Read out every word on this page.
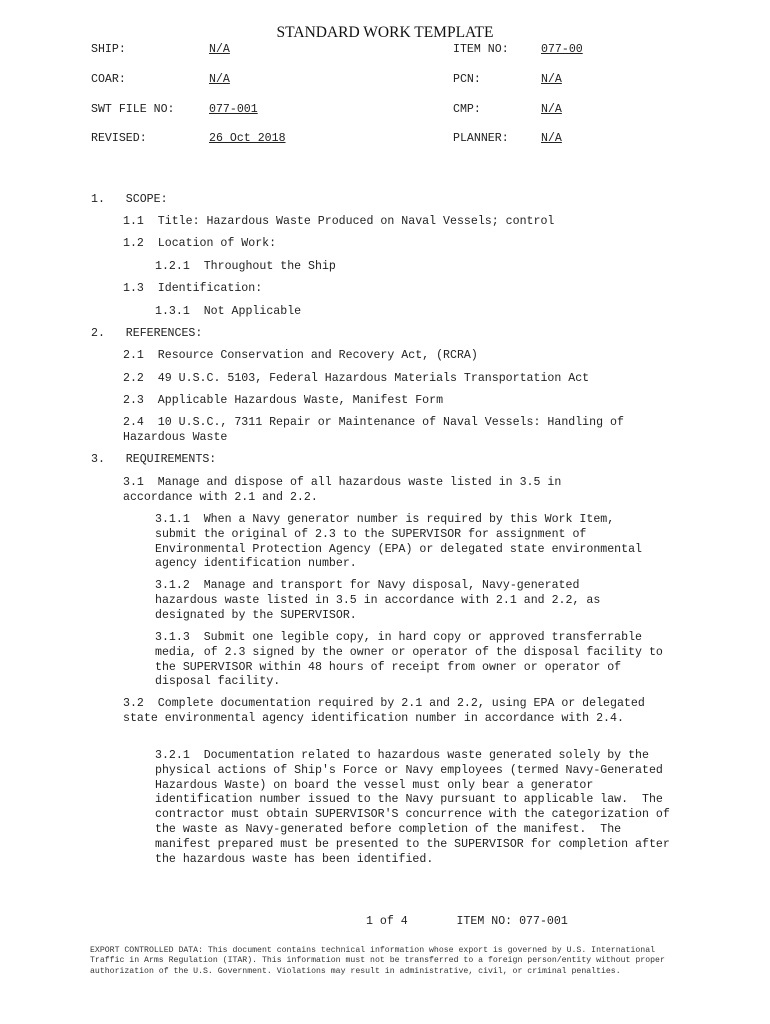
STANDARD WORK TEMPLATE
SHIP:	N/A	ITEM NO:	077-00
COAR:	N/A	PCN:	N/A
SWT FILE NO:	077-001	CMP:	N/A
REVISED:	26 Oct 2018	PLANNER:	N/A
1.   SCOPE:
1.1  Title: Hazardous Waste Produced on Naval Vessels; control
1.2  Location of Work:
1.2.1  Throughout the Ship
1.3  Identification:
1.3.1  Not Applicable
2.   REFERENCES:
2.1  Resource Conservation and Recovery Act, (RCRA)
2.2  49 U.S.C. 5103, Federal Hazardous Materials Transportation Act
2.3  Applicable Hazardous Waste, Manifest Form
2.4  10 U.S.C., 7311 Repair or Maintenance of Naval Vessels: Handling of Hazardous Waste
3.   REQUIREMENTS:
3.1  Manage and dispose of all hazardous waste listed in 3.5 in accordance with 2.1 and 2.2.
3.1.1  When a Navy generator number is required by this Work Item, submit the original of 2.3 to the SUPERVISOR for assignment of Environmental Protection Agency (EPA) or delegated state environmental agency identification number.
3.1.2  Manage and transport for Navy disposal, Navy-generated hazardous waste listed in 3.5 in accordance with 2.1 and 2.2, as designated by the SUPERVISOR.
3.1.3  Submit one legible copy, in hard copy or approved transferrable media, of 2.3 signed by the owner or operator of the disposal facility to the SUPERVISOR within 48 hours of receipt from owner or operator of disposal facility.
3.2  Complete documentation required by 2.1 and 2.2, using EPA or delegated state environmental agency identification number in accordance with 2.4.
3.2.1  Documentation related to hazardous waste generated solely by the physical actions of Ship's Force or Navy employees (termed Navy-Generated Hazardous Waste) on board the vessel must only bear a generator identification number issued to the Navy pursuant to applicable law.  The contractor must obtain SUPERVISOR'S concurrence with the categorization of the waste as Navy-generated before completion of the manifest.  The manifest prepared must be presented to the SUPERVISOR for completion after the hazardous waste has been identified.
1 of 4	ITEM NO: 077-001
EXPORT CONTROLLED DATA: This document contains technical information whose export is governed by U.S. International Traffic in Arms Regulation (ITAR). This information must not be transferred to a foreign person/entity without proper authorization of the U.S. Government. Violations may result in administrative, civil, or criminal penalties.
